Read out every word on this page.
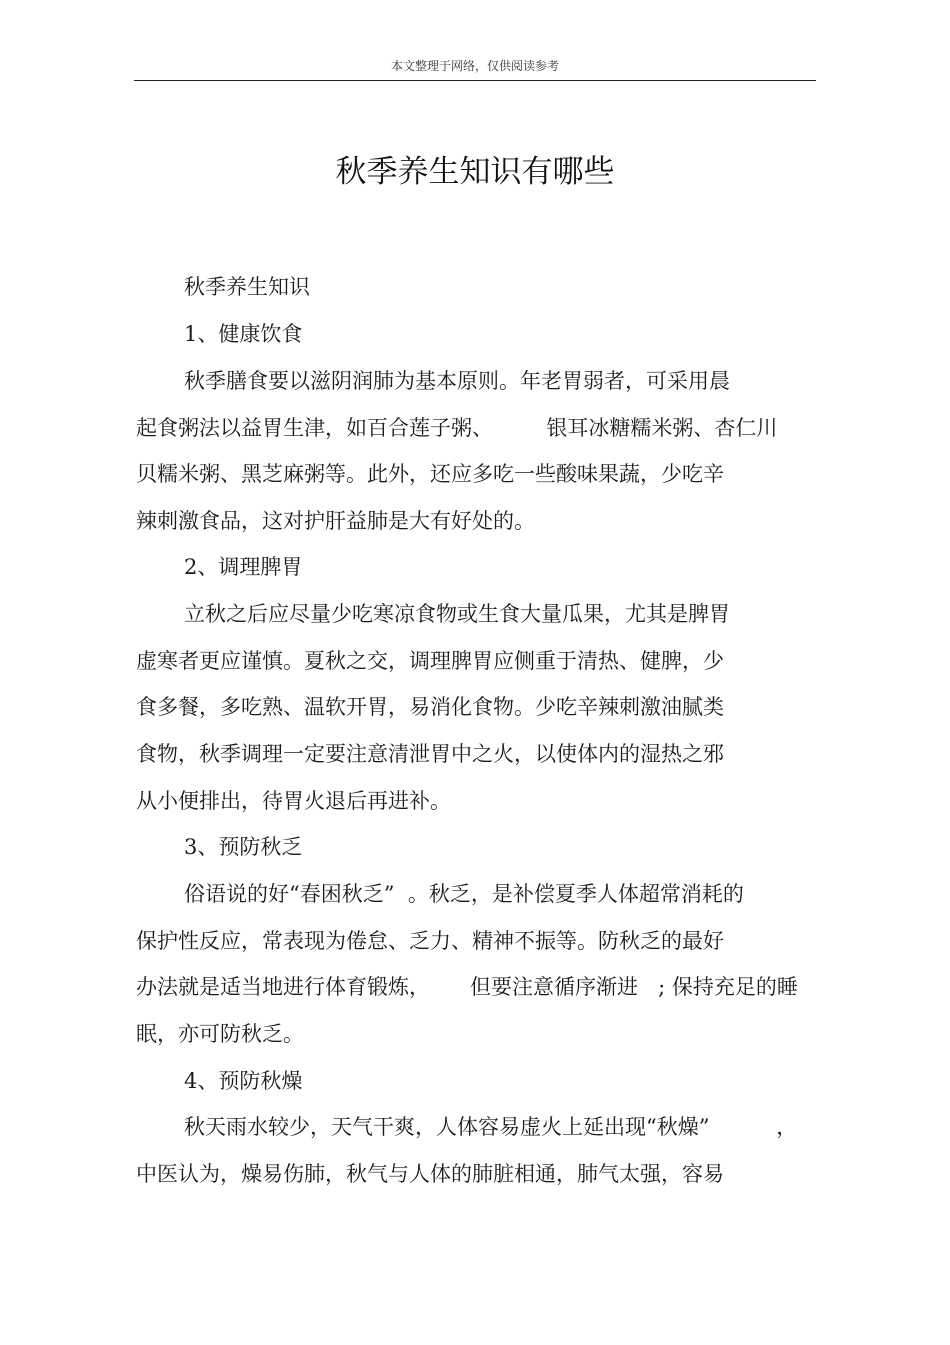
本文整理于网络，仅供阅读参考
秋季养生知识有哪些
秋季养生知识
1、健康饮食
秋季膳食要以滋阴润肺为基本原则。年老胃弱者，可采用晨
起食粥法以益胃生津，如百合莲子粥、        银耳冰糖糯米粥、杏仁川
贝糯米粥、黑芝麻粥等。此外，还应多吃一些酸味果蔬，少吃辛
辣刺激食品，这对护肝益肺是大有好处的。
2、调理脾胃
立秋之后应尽量少吃寒凉食物或生食大量瓜果，尤其是脾胃
虚寒者更应谨慎。夏秋之交，调理脾胃应侧重于清热、健脾，少
食多餐，多吃熟、温软开胃，易消化食物。少吃辛辣刺激油腻类
食物，秋季调理一定要注意清泄胃中之火，以使体内的湿热之邪
从小便排出，待胃火退后再进补。
3、预防秋乏
俗语说的好“春困秋乏”  。秋乏，是补偿夏季人体超常消耗的
保护性反应，常表现为倦怠、乏力、精神不振等。防秋乏的最好
办法就是适当地进行体育锻炼，      但要注意循序渐进   ; 保持充足的睡
眠，亦可防秋乏。
4、预防秋燥
秋天雨水较少，天气干爽，人体容易虚火上延出现“秋燥”          ，
中医认为，燥易伤肺，秋气与人体的肺脏相通，肺气太强，容易
